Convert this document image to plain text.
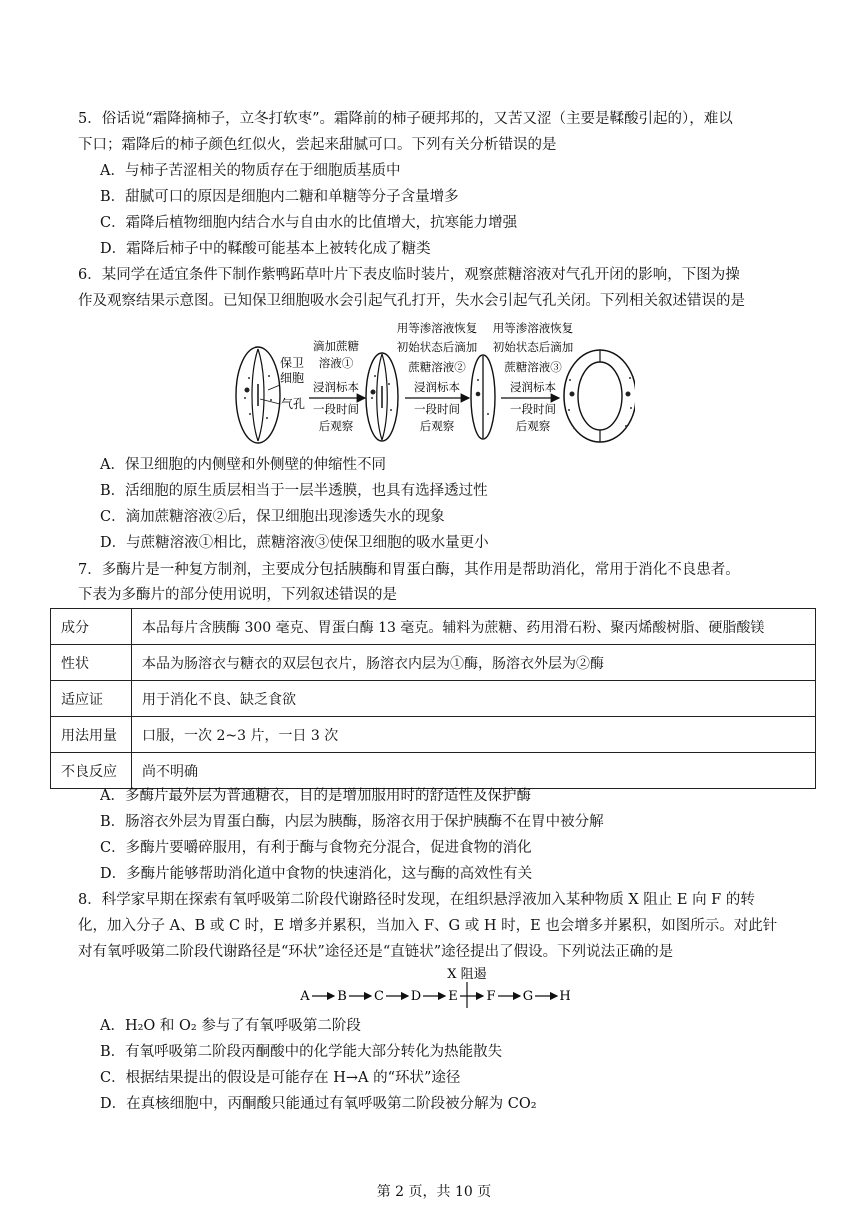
5．俗话说“霜降摘柿子，立冬打软枣”。霜降前的柿子硬邦邦的，又苦又涩（主要是鞣酸引起的），难以
下口；霜降后的柿子颜色红似火，尝起来甜腻可口。下列有关分析错误的是
A．与柿子苦涩相关的物质存在于细胞质基质中
B．甜腻可口的原因是细胞内二糖和单糖等分子含量增多
C．霜降后植物细胞内结合水与自由水的比值增大，抗寒能力增强
D．霜降后柿子中的鞣酸可能基本上被转化成了糖类
6．某同学在适宜条件下制作紫鸭跖草叶片下表皮临时装片，观察蔗糖溶液对气孔开闭的影响，下图为操
作及观察结果示意图。已知保卫细胞吸水会引起气孔打开，失水会引起气孔关闭。下列相关叙述错误的是
保卫
细胞
气孔
滴加蔗糖
溶液①
浸润标本
一段时间
后观察
用等渗溶液恢复
初始状态后滴加
蔗糖溶液②
浸润标本
一段时间
后观察
用等渗溶液恢复
初始状态后滴加
蔗糖溶液③
浸润标本
一段时间
后观察
A．保卫细胞的内侧壁和外侧壁的伸缩性不同
B．活细胞的原生质层相当于一层半透膜，也具有选择透过性
C．滴加蔗糖溶液②后，保卫细胞出现渗透失水的现象
D．与蔗糖溶液①相比，蔗糖溶液③使保卫细胞的吸水量更小
7．多酶片是一种复方制剂，主要成分包括胰酶和胃蛋白酶，其作用是帮助消化，常用于消化不良患者。
下表为多酶片的部分使用说明，下列叙述错误的是
成分	本品每片含胰酶 300 毫克、胃蛋白酶 13 毫克。辅料为蔗糖、药用滑石粉、聚丙烯酸树脂、硬脂酸镁
性状	本品为肠溶衣与糖衣的双层包衣片，肠溶衣内层为①酶，肠溶衣外层为②酶
适应证	用于消化不良、缺乏食欲
用法用量	口服，一次 2~3 片，一日 3 次
不良反应	尚不明确
A．多酶片最外层为普通糖衣，目的是增加服用时的舒适性及保护酶
B．肠溶衣外层为胃蛋白酶，内层为胰酶，肠溶衣用于保护胰酶不在胃中被分解
C．多酶片要嚼碎服用，有利于酶与食物充分混合，促进食物的消化
D．多酶片能够帮助消化道中食物的快速消化，这与酶的高效性有关
8．科学家早期在探索有氧呼吸第二阶段代谢路径时发现，在组织悬浮液加入某种物质 X 阻止 E 向 F 的转
化，加入分子 A、B 或 C 时，E 增多并累积，当加入 F、G 或 H 时，E 也会增多并累积，如图所示。对此针
对有氧呼吸第二阶段代谢路径是“环状”途径还是“直链状”途径提出了假设。下列说法正确的是
X 阻遏
A B C D E F G H
A．H₂O 和 O₂ 参与了有氧呼吸第二阶段
B．有氧呼吸第二阶段丙酮酸中的化学能大部分转化为热能散失
C．根据结果提出的假设是可能存在 H→A 的“环状”途径
D．在真核细胞中，丙酮酸只能通过有氧呼吸第二阶段被分解为 CO₂
第 2 页，共 10 页
